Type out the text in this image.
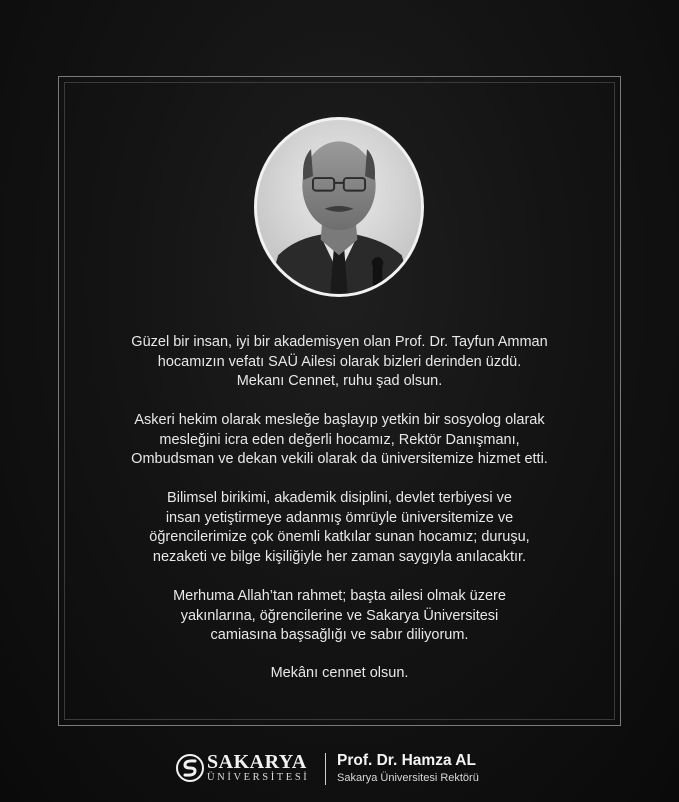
Güzel bir insan, iyi bir akademisyen olan Prof. Dr. Tayfun Amman

hocamızın vefatı SAÜ Ailesi olarak bizleri derinden üzdü.

Mekanı Cennet, ruhu şad olsun.

Askeri hekim olarak mesleğe başlayıp yetkin bir sosyolog olarak

mesleğini icra eden değerli hocamız, Rektör Danışmanı,

Ombudsman ve dekan vekili olarak da üniversitemize hizmet etti.

Bilimsel birikimi, akademik disiplini, devlet terbiyesi ve

insan yetiştirmeye adanmış ömrüyle üniversitemize ve

öğrencilerimize çok önemli katkılar sunan hocamız; duruşu,

nezaketi ve bilge kişiliğiyle her zaman saygıyla anılacaktır.

Merhuma Allah’tan rahmet; başta ailesi olmak üzere

yakınlarına, öğrencilerine ve Sakarya Üniversitesi

camiasına başsağlığı ve sabır diliyorum.

Mekânı cennet olsun.

SAKARYA
ÜNİVERSİTESİ
Prof. Dr. Hamza AL
Sakarya Üniversitesi Rektörü
